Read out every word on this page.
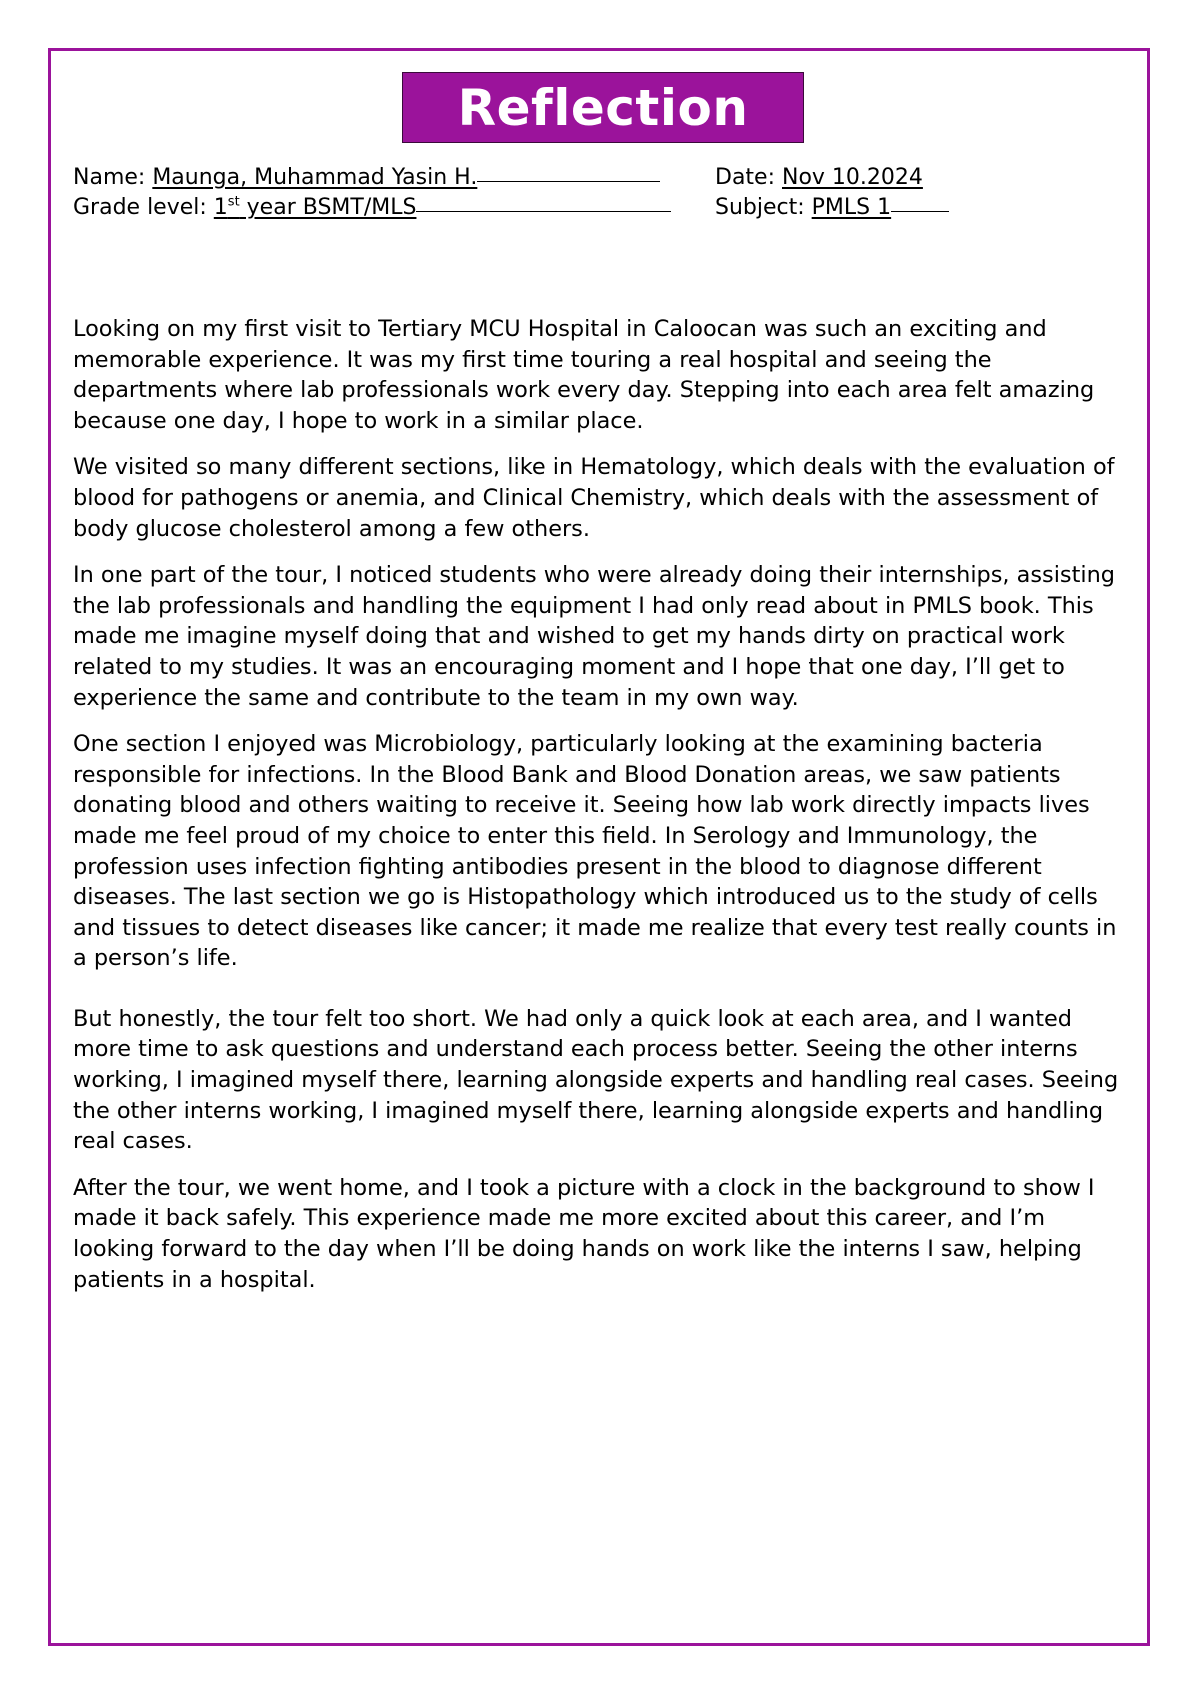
Reflection
Name: Maunga, Muhammad Yasin H.	Date: Nov 10.2024
Grade level: 1st year BSMT/MLS	Subject: PMLS 1

Looking on my first visit to Tertiary MCU Hospital in Caloocan was such an exciting and memorable experience. It was my first time touring a real hospital and seeing the departments where lab professionals work every day. Stepping into each area felt amazing because one day, I hope to work in a similar place.

We visited so many different sections, like in Hematology, which deals with the evaluation of blood for pathogens or anemia, and Clinical Chemistry, which deals with the assessment of body glucose cholesterol among a few others.

In one part of the tour, I noticed students who were already doing their internships, assisting the lab professionals and handling the equipment I had only read about in PMLS book. This made me imagine myself doing that and wished to get my hands dirty on practical work related to my studies. It was an encouraging moment and I hope that one day, I’ll get to experience the same and contribute to the team in my own way.

One section I enjoyed was Microbiology, particularly looking at the examining bacteria responsible for infections. In the Blood Bank and Blood Donation areas, we saw patients donating blood and others waiting to receive it. Seeing how lab work directly impacts lives made me feel proud of my choice to enter this field. In Serology and Immunology, the profession uses infection fighting antibodies present in the blood to diagnose different diseases. The last section we go is Histopathology which introduced us to the study of cells and tissues to detect diseases like cancer; it made me realize that every test really counts in a person’s life.

But honestly, the tour felt too short. We had only a quick look at each area, and I wanted more time to ask questions and understand each process better. Seeing the other interns working, I imagined myself there, learning alongside experts and handling real cases. Seeing the other interns working, I imagined myself there, learning alongside experts and handling real cases.

After the tour, we went home, and I took a picture with a clock in the background to show I made it back safely. This experience made me more excited about this career, and I’m looking forward to the day when I’ll be doing hands on work like the interns I saw, helping patients in a hospital.
